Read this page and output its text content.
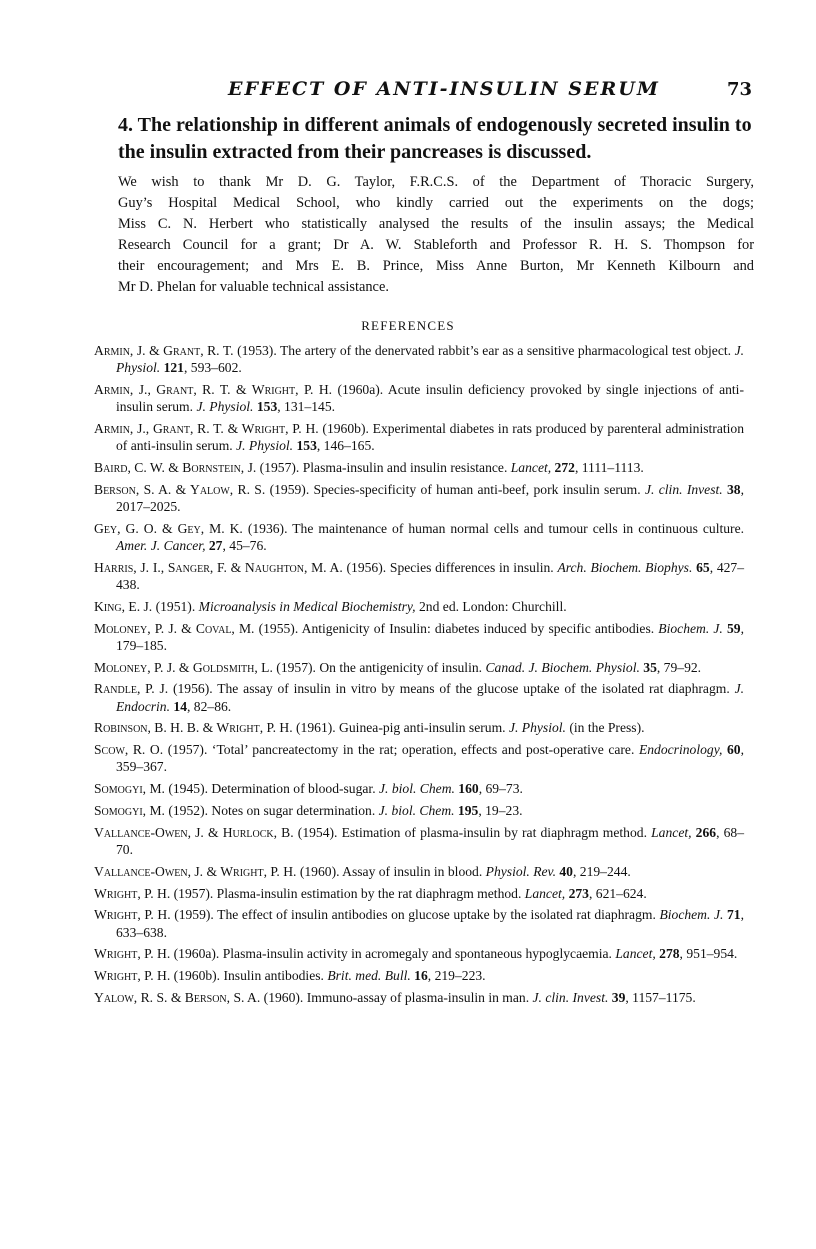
EFFECT OF ANTI-INSULIN SERUM	73

4. The relationship in different animals of endogenously secreted insulin to the insulin extracted from their pancreases is discussed.

We wish to thank Mr D. G. Taylor, F.R.C.S. of the Department of Thoracic Surgery,
Guy’s Hospital Medical School, who kindly carried out the experiments on the dogs;
Miss C. N. Herbert who statistically analysed the results of the insulin assays; the Medical
Research Council for a grant; Dr A. W. Stableforth and Professor R. H. S. Thompson for
their encouragement; and Mrs E. B. Prince, Miss Anne Burton, Mr Kenneth Kilbourn and
Mr D. Phelan for valuable technical assistance.
REFERENCES
Armin, J. & Grant, R. T. (1953). The artery of the denervated rabbit’s ear as a sensitive pharmacological test object. J. Physiol. 121, 593–602.
Armin, J., Grant, R. T. & Wright, P. H. (1960a). Acute insulin deficiency provoked by single injections of anti-insulin serum. J. Physiol. 153, 131–145.
Armin, J., Grant, R. T. & Wright, P. H. (1960b). Experimental diabetes in rats produced by parenteral administration of anti-insulin serum. J. Physiol. 153, 146–165.
Baird, C. W. & Bornstein, J. (1957). Plasma-insulin and insulin resistance. Lancet, 272, 1111–1113.
Berson, S. A. & Yalow, R. S. (1959). Species-specificity of human anti-beef, pork insulin serum. J. clin. Invest. 38, 2017–2025.
Gey, G. O. & Gey, M. K. (1936). The maintenance of human normal cells and tumour cells in continuous culture. Amer. J. Cancer, 27, 45–76.
Harris, J. I., Sanger, F. & Naughton, M. A. (1956). Species differences in insulin. Arch. Biochem. Biophys. 65, 427–438.
King, E. J. (1951). Microanalysis in Medical Biochemistry, 2nd ed. London: Churchill.
Moloney, P. J. & Coval, M. (1955). Antigenicity of Insulin: diabetes induced by specific antibodies. Biochem. J. 59, 179–185.
Moloney, P. J. & Goldsmith, L. (1957). On the antigenicity of insulin. Canad. J. Biochem. Physiol. 35, 79–92.
Randle, P. J. (1956). The assay of insulin in vitro by means of the glucose uptake of the isolated rat diaphragm. J. Endocrin. 14, 82–86.
Robinson, B. H. B. & Wright, P. H. (1961). Guinea-pig anti-insulin serum. J. Physiol. (in the Press).
Scow, R. O. (1957). ‘Total’ pancreatectomy in the rat; operation, effects and post-operative care. Endocrinology, 60, 359–367.
Somogyi, M. (1945). Determination of blood-sugar. J. biol. Chem. 160, 69–73.
Somogyi, M. (1952). Notes on sugar determination. J. biol. Chem. 195, 19–23.
Vallance-Owen, J. & Hurlock, B. (1954). Estimation of plasma-insulin by rat diaphragm method. Lancet, 266, 68–70.
Vallance-Owen, J. & Wright, P. H. (1960). Assay of insulin in blood. Physiol. Rev. 40, 219–244.
Wright, P. H. (1957). Plasma-insulin estimation by the rat diaphragm method. Lancet, 273, 621–624.
Wright, P. H. (1959). The effect of insulin antibodies on glucose uptake by the isolated rat diaphragm. Biochem. J. 71, 633–638.
Wright, P. H. (1960a). Plasma-insulin activity in acromegaly and spontaneous hypoglycaemia. Lancet, 278, 951–954.
Wright, P. H. (1960b). Insulin antibodies. Brit. med. Bull. 16, 219–223.
Yalow, R. S. & Berson, S. A. (1960). Immuno-assay of plasma-insulin in man. J. clin. Invest. 39, 1157–1175.
